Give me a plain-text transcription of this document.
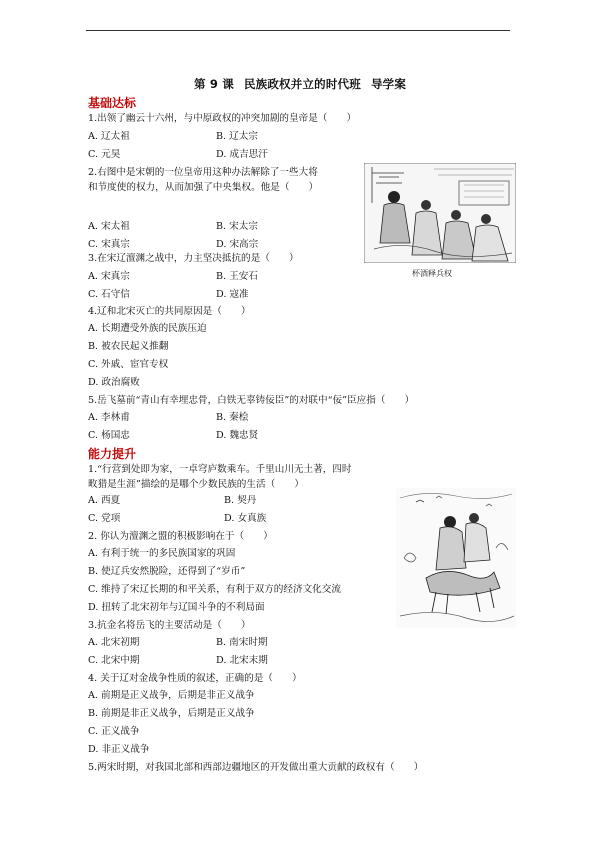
第 9 课 民族政权并立的时代班 导学案
基础达标
1.出领了幽云十六州，与中原政权的冲突加剧的皇帝是（　　）
A. 辽太祖	B. 辽太宗
C. 元昊	D. 成吉思汗
2.右图中是宋朝的一位皇帝用这种办法解除了一些大将
和节度使的权力，从而加强了中央集权。他是（　　）
A. 宋太祖	B. 宋太宗
C. 宋真宗	D. 宋高宗
杯酒释兵权
3.在宋辽澶渊之战中，力主坚决抵抗的是（　　）
A. 宋真宗	B. 王安石
C. 石守信	D. 寇准
4.辽和北宋灭亡的共同原因是（　　）
A. 长期遭受外族的民族压迫
B. 被农民起义推翻
C. 外戚、宦官专权
D. 政治腐败
5.岳飞墓前“青山有幸埋忠骨，白铁无辜铸佞臣”的对联中“佞”臣应指（　　）
A. 李林甫	B. 秦桧
C. 杨国忠	D. 魏忠贤
能力提升
1.“行营到处即为家，一卓穹庐数乘车。千里山川无土著，四时
畋猎是生涯”描绘的是哪个少数民族的生活（　　）
A. 西夏	B. 契丹
C. 党项	D. 女真族
2. 你认为澶渊之盟的积极影响在于（　　）
A. 有利于统一的多民族国家的巩固
B. 使辽兵安然脱险，还得到了“岁币”
C. 维持了宋辽长期的和平关系，有利于双方的经济文化交流
D. 扭转了北宋初年与辽国斗争的不利局面
3.抗金名将岳飞的主要活动是（　　）
A. 北宋初期	B. 南宋时期
C. 北宋中期	D. 北宋末期
4. 关于辽对金战争性质的叙述，正确的是（　　）
A. 前期是正义战争，后期是非正义战争
B. 前期是非正义战争，后期是正义战争
C. 正义战争
D. 非正义战争
5.两宋时期，对我国北部和西部边疆地区的开发做出重大贡献的政权有（　　）
